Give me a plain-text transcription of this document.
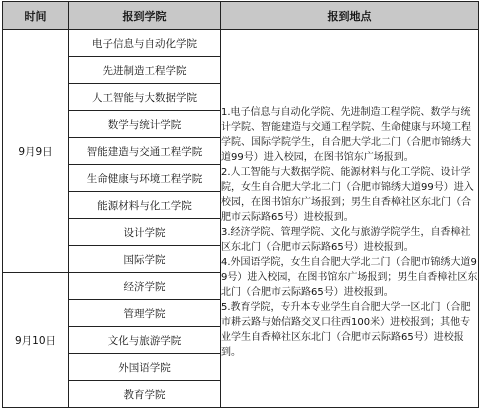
时间	报到学院	报到地点
9月9日	电子信息与自动化学院	1.电子信息与自动化学院、先进制造工程学院、数学与统计学院、智能建造与交通工程学院、生命健康与环境工程学院、国际学院学生，自合肥大学北二门（合肥市锦绣大道99号）进入校园，在图书馆东广场报到。
2.人工智能与大数据学院、能源材料与化工学院、设计学院，女生自合肥大学北二门（合肥市锦绣大道99号）进入校园，在图书馆东广场报到；男生自香樟社区东北门（合肥市云际路65号）进校报到。
3.经济学院、管理学院、文化与旅游学院学生，自香樟社区东北门（合肥市云际路65号）进校报到。
4.外国语学院，女生自合肥大学北二门（合肥市锦绣大道99号）进入校园，在图书馆东广场报到；男生自香樟社区东北门（合肥市云际路65号）进校报到。
5.教育学院，专升本专业学生自合肥大学一区北门（合肥市耕云路与始信路交叉口往西100米）进校报到；其他专业学生自香樟社区东北门（合肥市云际路65号）进校报到。

	先进制造工程学院	
	人工智能与大数据学院	
	数学与统计学院	
	智能建造与交通工程学院	
	生命健康与环境工程学院	
	能源材料与化工学院	
	设计学院	
	国际学院	
9月10日	经济学院	
	管理学院	
	文化与旅游学院	
	外国语学院	
	教育学院	
